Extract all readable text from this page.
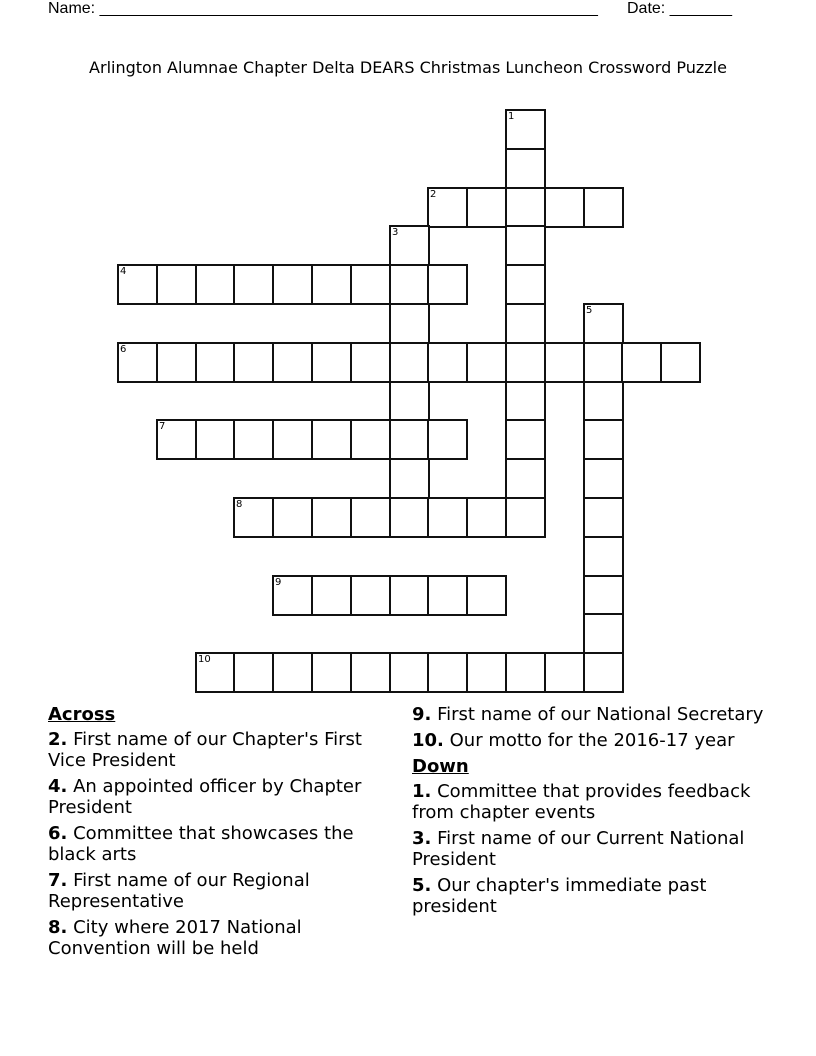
Name: ________________________________________________________ Date: _______
Arlington Alumnae Chapter Delta DEARS Christmas Luncheon Crossword Puzzle
1
2
3
4
5
6
7
8
9
10
Across
2. First name of our Chapter's First Vice President
4. An appointed officer by Chapter President
6. Committee that showcases the black arts
7. First name of our Regional Representative
8. City where 2017 National Convention will be held
9. First name of our National Secretary
10. Our motto for the 2016-17 year
Down
1. Committee that provides feedback from chapter events
3. First name of our Current National President
5. Our chapter's immediate past president
